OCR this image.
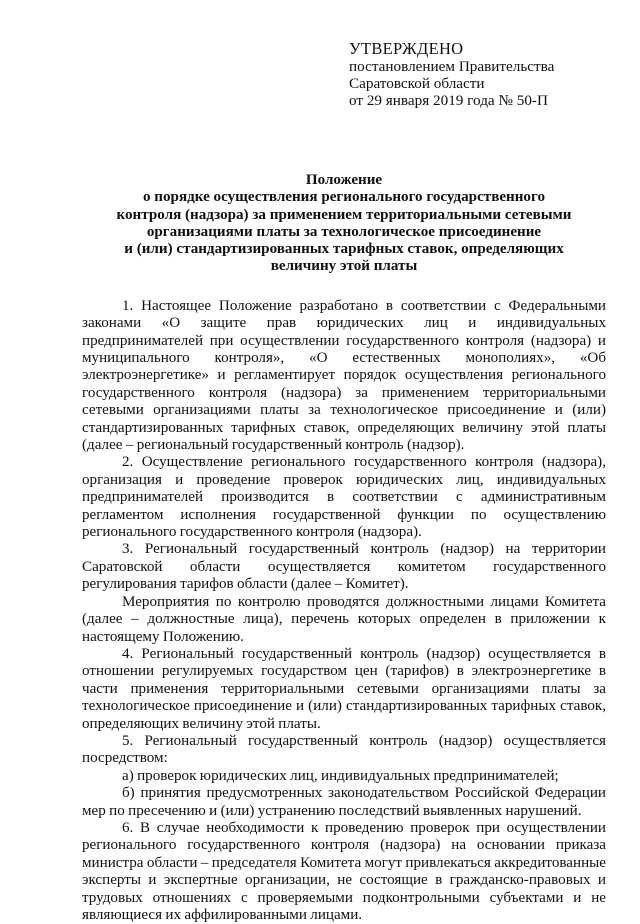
УТВЕРЖДЕНО
постановлением Правительства
Саратовской области
от 29 января 2019 года № 50-П
Положение
о порядке осуществления регионального государственного
контроля (надзора) за применением территориальными сетевыми
организациями платы за технологическое присоединение
и (или) стандартизированных тарифных ставок, определяющих
величину этой платы

1. Настоящее Положение разработано в соответствии с Федеральными законами «О защите прав юридических лиц и индивидуальных предпринимателей при осуществлении государственного контроля (надзора) и муниципального контроля», «О естественных монополиях», «Об электроэнергетике» и регламентирует порядок осуществления регионального государственного контроля (надзора) за применением территориальными сетевыми организациями платы за технологическое присоединение и (или) стандартизированных тарифных ставок, определяющих величину этой платы (далее – региональный государственный контроль (надзор).

2. Осуществление регионального государственного контроля (надзора), организация и проведение проверок юридических лиц, индивидуальных предпринимателей производится в соответствии с административным регламентом исполнения государственной функции по осуществлению регионального государственного контроля (надзора).

3. Региональный государственный контроль (надзор) на территории Саратовской области осуществляется комитетом государственного регулирования тарифов области (далее – Комитет).

Мероприятия по контролю проводятся должностными лицами Комитета (далее – должностные лица), перечень которых определен в приложении к настоящему Положению.

4. Региональный государственный контроль (надзор) осуществляется в отношении регулируемых государством цен (тарифов) в электроэнергетике в части применения территориальными сетевыми организациями платы за технологическое присоединение и (или) стандартизированных тарифных ставок, определяющих величину этой платы.

5. Региональный государственный контроль (надзор) осуществляется посредством:

а) проверок юридических лиц, индивидуальных предпринимателей;

б) принятия предусмотренных законодательством Российской Федерации мер по пресечению и (или) устранению последствий выявленных нарушений.

6. В случае необходимости к проведению проверок при осуществлении регионального государственного контроля (надзора) на основании приказа министра области – председателя Комитета могут привлекаться аккредитованные эксперты и экспертные организации, не состоящие в гражданско-правовых и трудовых отношениях с проверяемыми подконтрольными субъектами и не являющиеся их аффилированными лицами.
